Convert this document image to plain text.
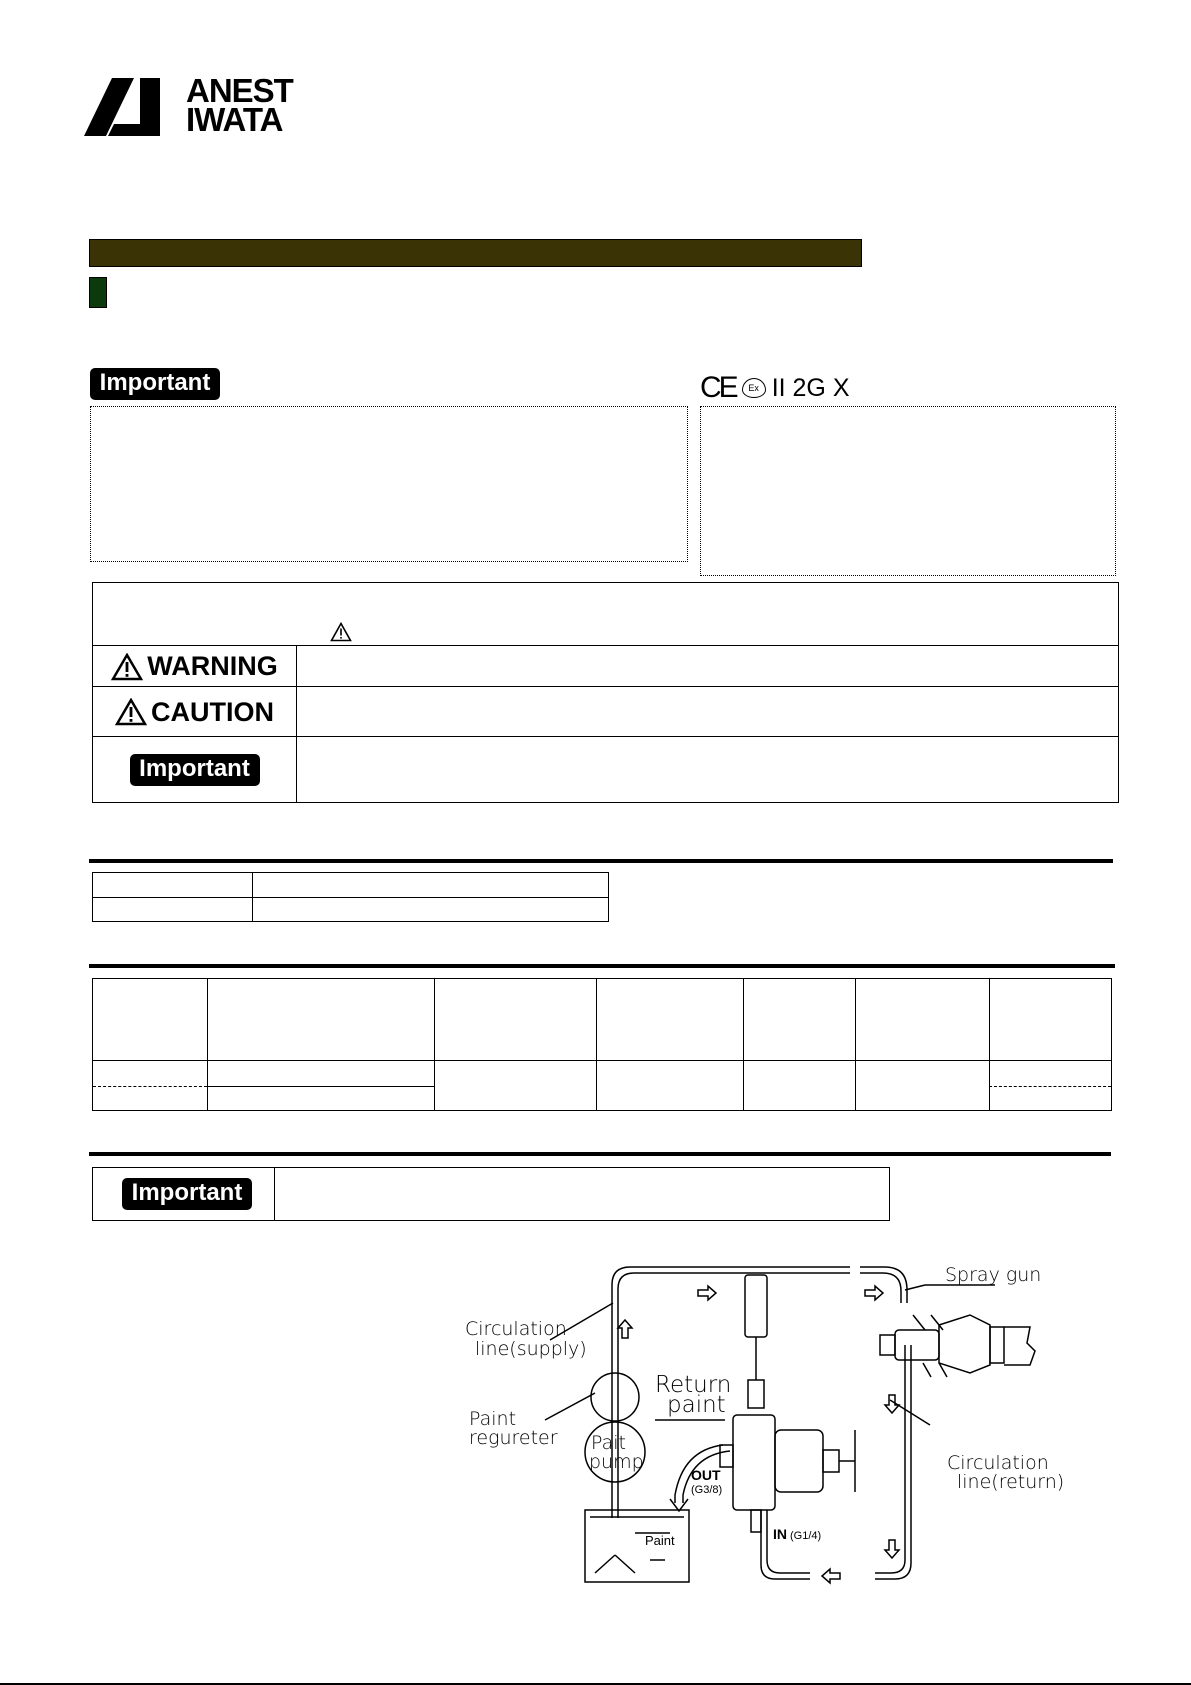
ANEST
IWATA
Important	CE	Ex II 2G X
WARNING
CAUTION
Important
Important
Spray gun
Circulation
line(supply)
Return
paint
Paint
regureter Pait
pump
OUT
(G3/8)
IN (G1/4)
Paint
Circulation
line(return)
